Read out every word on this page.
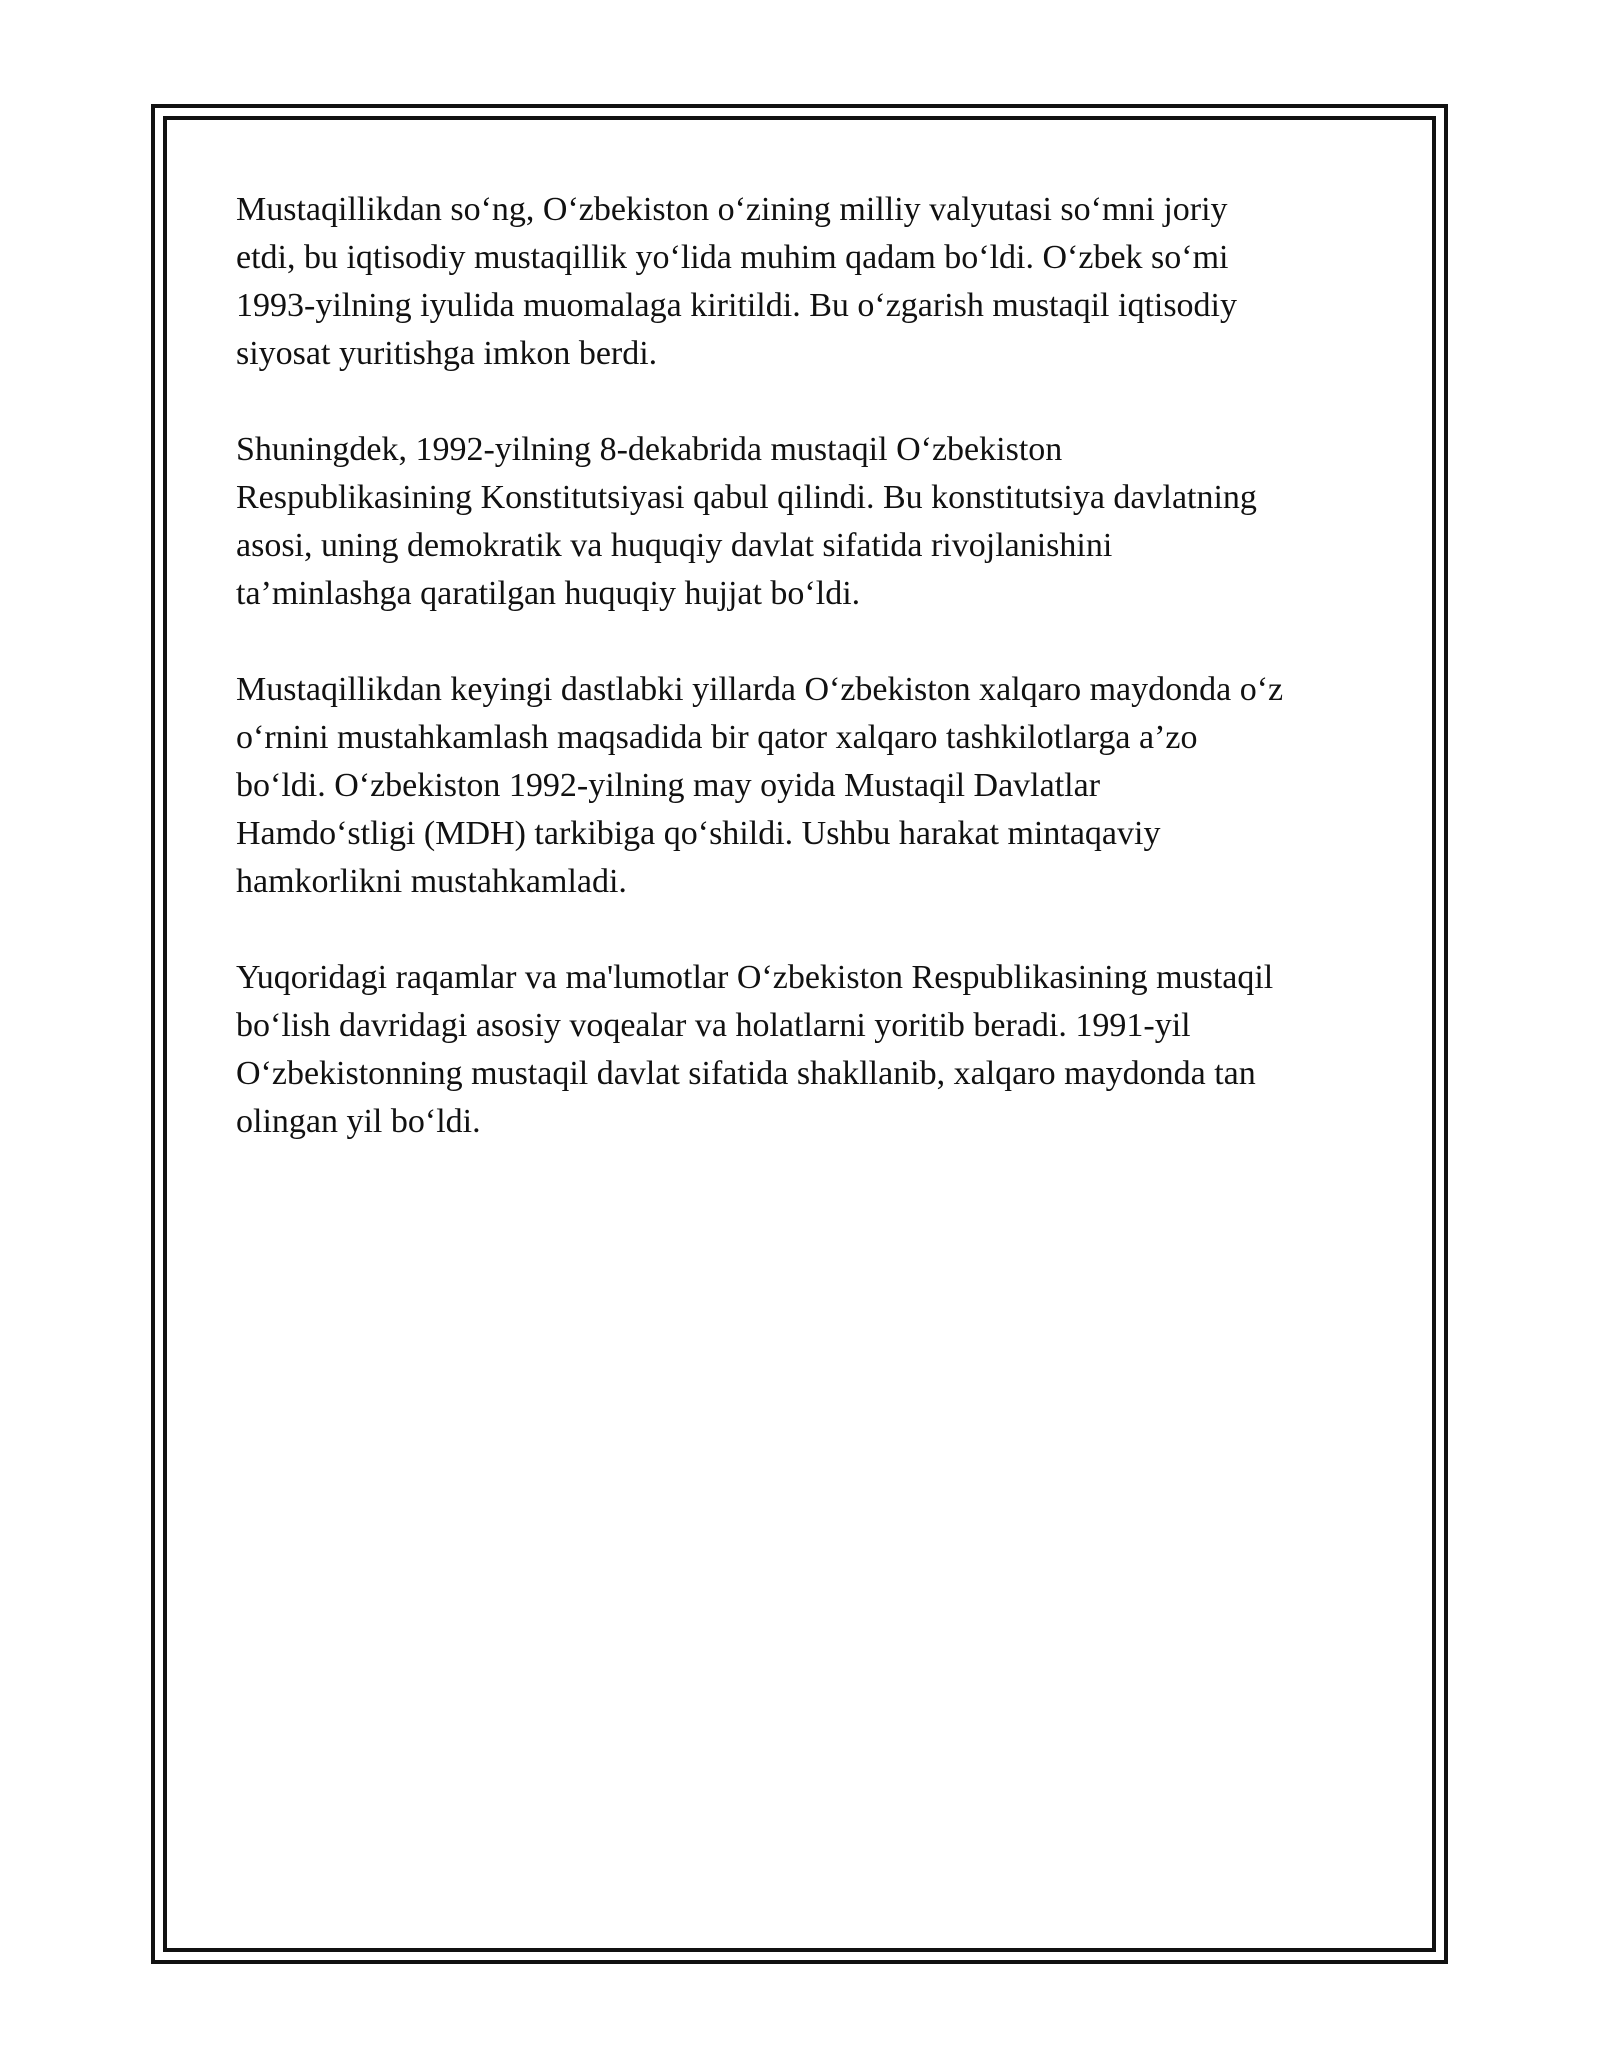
Mustaqillikdan so‘ng, O‘zbekiston o‘zining milliy valyutasi so‘mni joriy
etdi, bu iqtisodiy mustaqillik yo‘lida muhim qadam bo‘ldi. O‘zbek so‘mi
1993-yilning iyulida muomalaga kiritildi. Bu o‘zgarish mustaqil iqtisodiy
siyosat yuritishga imkon berdi.

Shuningdek, 1992-yilning 8-dekabrida mustaqil O‘zbekiston
Respublikasining Konstitutsiyasi qabul qilindi. Bu konstitutsiya davlatning
asosi, uning demokratik va huquqiy davlat sifatida rivojlanishini
ta’minlashga qaratilgan huquqiy hujjat bo‘ldi.

Mustaqillikdan keyingi dastlabki yillarda O‘zbekiston xalqaro maydonda o‘z
o‘rnini mustahkamlash maqsadida bir qator xalqaro tashkilotlarga a’zo
bo‘ldi. O‘zbekiston 1992-yilning may oyida Mustaqil Davlatlar
Hamdo‘stligi (MDH) tarkibiga qo‘shildi. Ushbu harakat mintaqaviy
hamkorlikni mustahkamladi.

Yuqoridagi raqamlar va ma'lumotlar O‘zbekiston Respublikasining mustaqil
bo‘lish davridagi asosiy voqealar va holatlarni yoritib beradi. 1991-yil
O‘zbekistonning mustaqil davlat sifatida shakllanib, xalqaro maydonda tan
olingan yil bo‘ldi.
